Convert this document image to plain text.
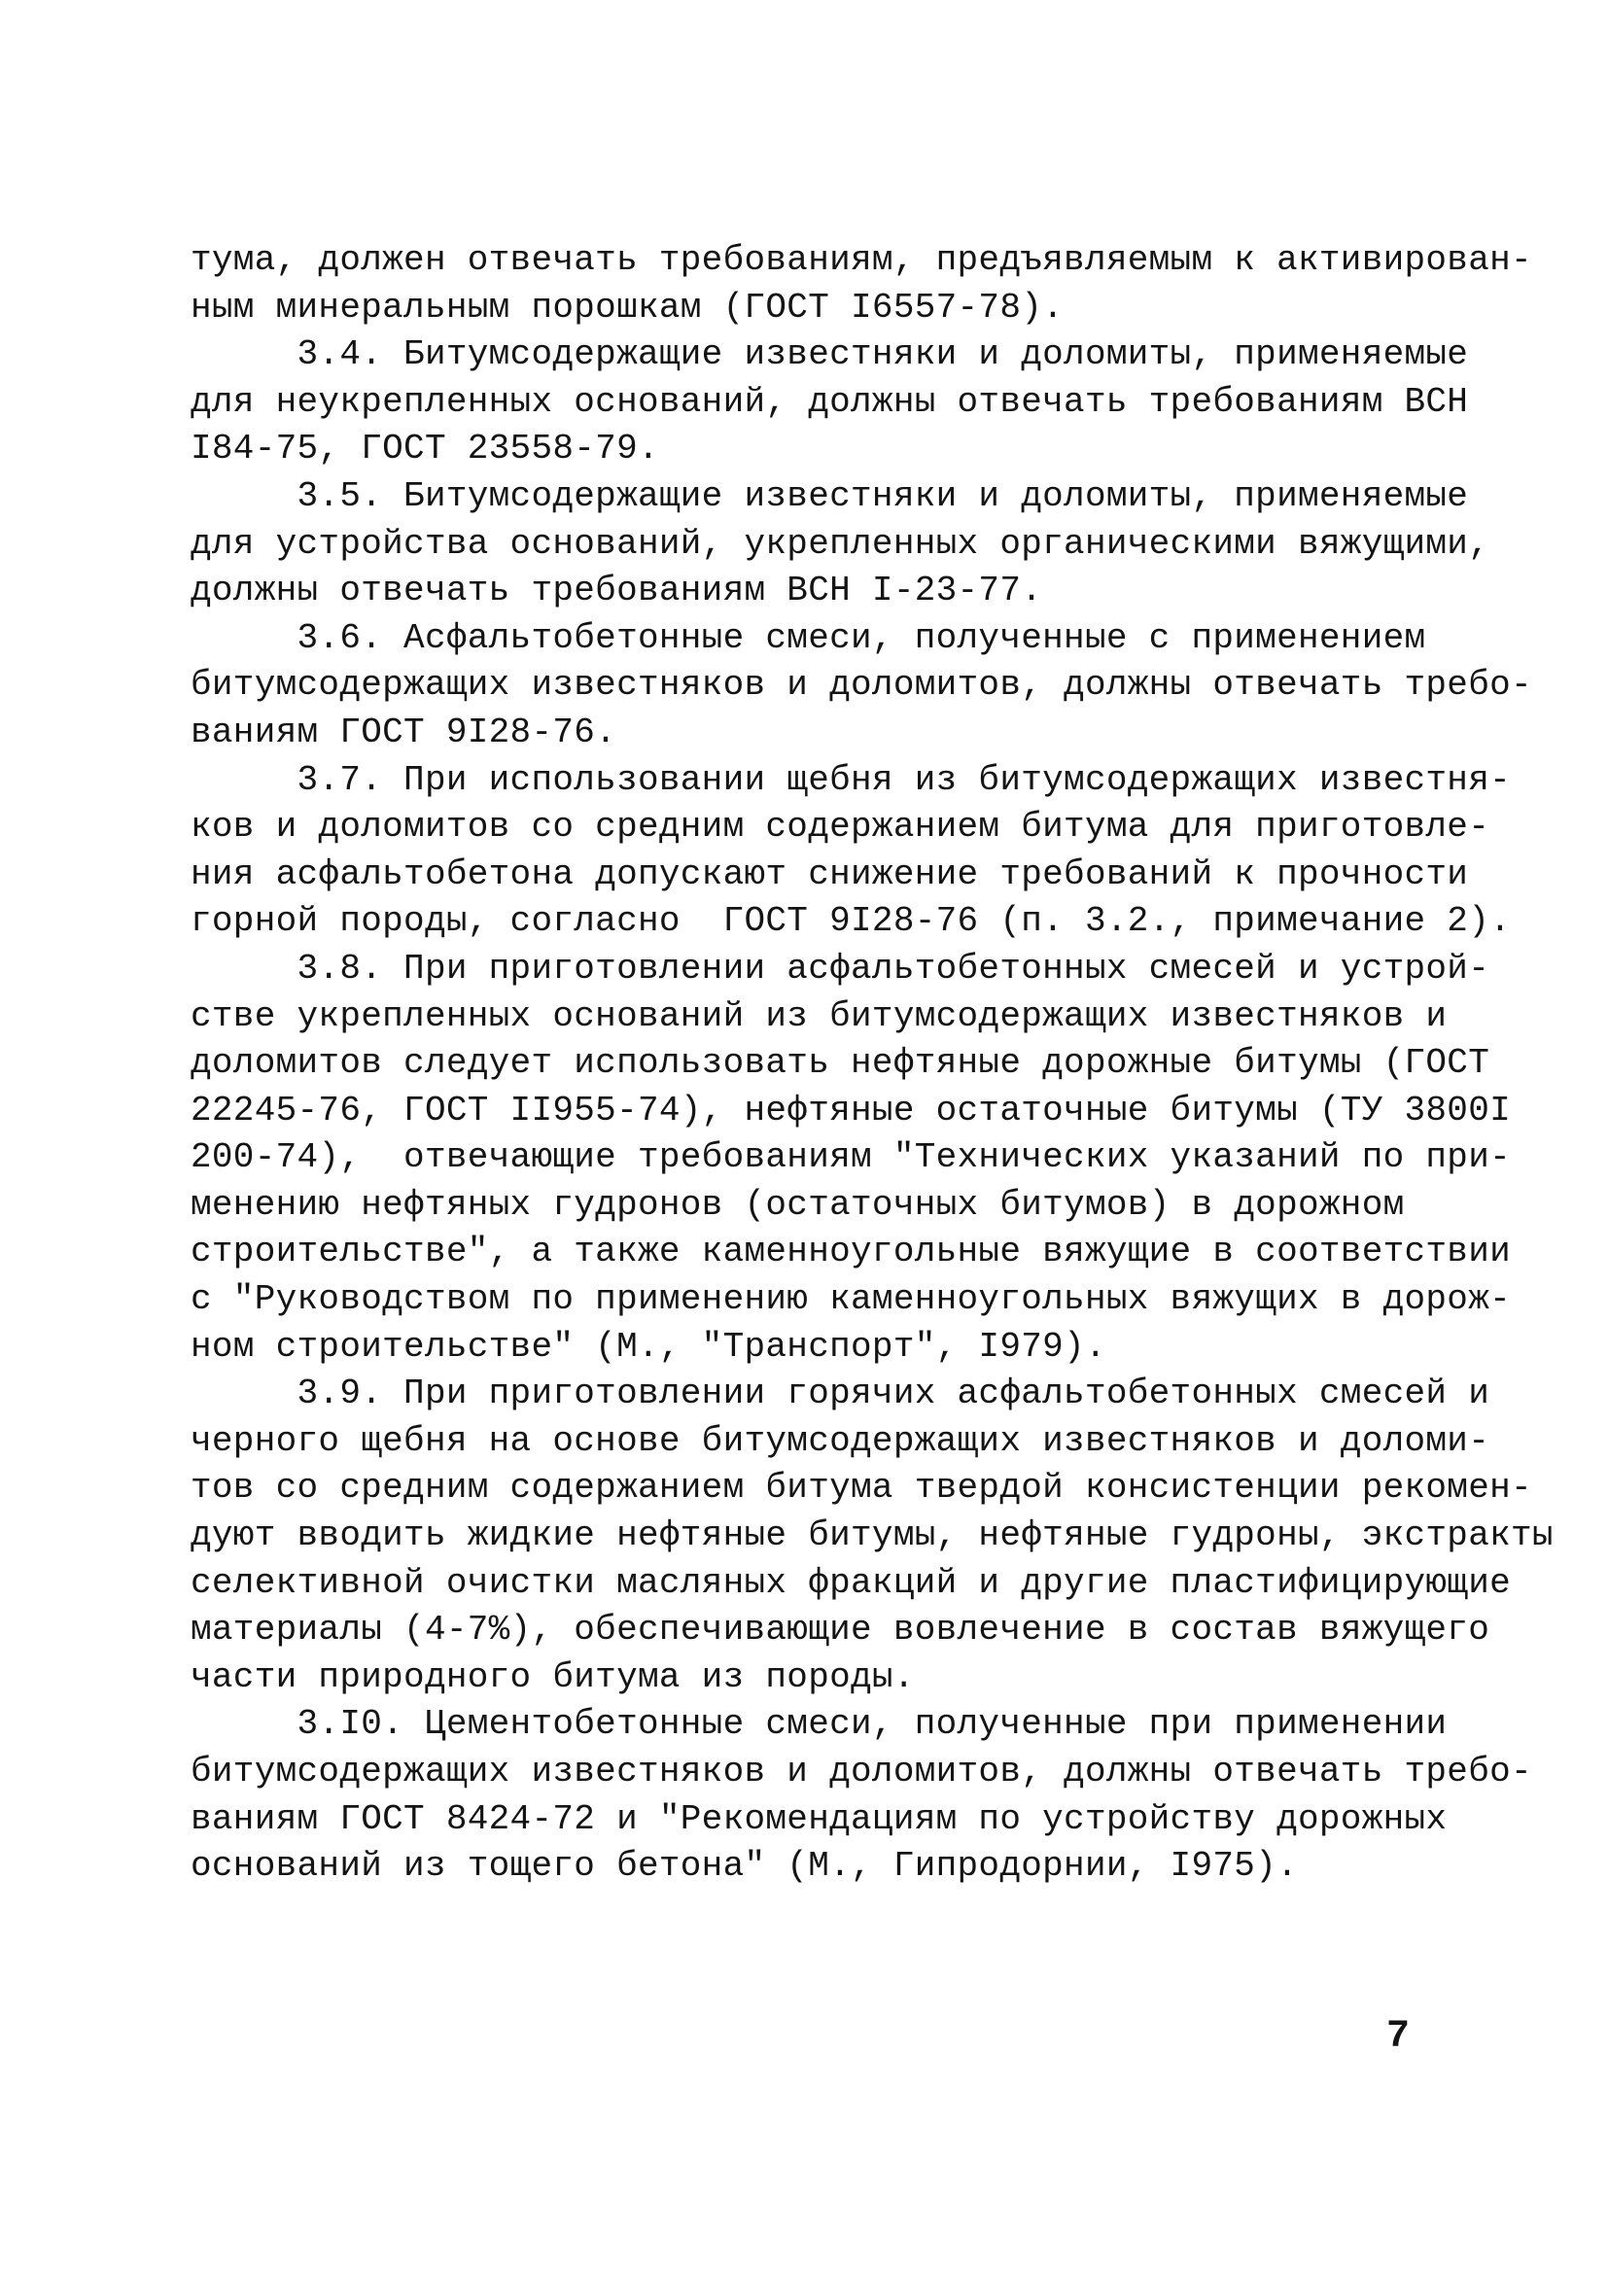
тума, должен отвечать требованиям, предъявляемым к активирован-
ным минеральным порошкам (ГОСТ I6557-78).
3.4. Битумсодержащие известняки и доломиты, применяемые
для неукрепленных оснований, должны отвечать требованиям ВСН
I84-75, ГОСТ 23558-79.
3.5. Битумсодержащие известняки и доломиты, применяемые
для устройства оснований, укрепленных органическими вяжущими,
должны отвечать требованиям ВСН I-23-77.
3.6. Асфальтобетонные смеси, полученные с применением
битумсодержащих известняков и доломитов, должны отвечать требо-
ваниям ГОСТ 9I28-76.
3.7. При использовании щебня из битумсодержащих известня-
ков и доломитов со средним содержанием битума для приготовле-
ния асфальтобетона допускают снижение требований к прочности
горной породы, согласно  ГОСТ 9I28-76 (п. 3.2., примечание 2).
3.8. При приготовлении асфальтобетонных смесей и устрой-
стве укрепленных оснований из битумсодержащих известняков и
доломитов следует использовать нефтяные дорожные битумы (ГОСТ
22245-76, ГОСТ II955-74), нефтяные остаточные битумы (ТУ 3800I
200-74),  отвечающие требованиям "Технических указаний по при-
менению нефтяных гудронов (остаточных битумов) в дорожном
строительстве", а также каменноугольные вяжущие в соответствии
с "Руководством по применению каменноугольных вяжущих в дорож-
ном строительстве" (М., "Транспорт", I979).
3.9. При приготовлении горячих асфальтобетонных смесей и
черного щебня на основе битумсодержащих известняков и доломи-
тов со средним содержанием битума твердой консистенции рекомен-
дуют вводить жидкие нефтяные битумы, нефтяные гудроны, экстракты
селективной очистки масляных фракций и другие пластифицирующие
материалы (4-7%), обеспечивающие вовлечение в состав вяжущего
части природного битума из породы.
3.I0. Цементобетонные смеси, полученные при применении
битумсодержащих известняков и доломитов, должны отвечать требо-
ваниям ГОСТ 8424-72 и "Рекомендациям по устройству дорожных
оснований из тощего бетона" (М., Гипродорнии, I975).
7
